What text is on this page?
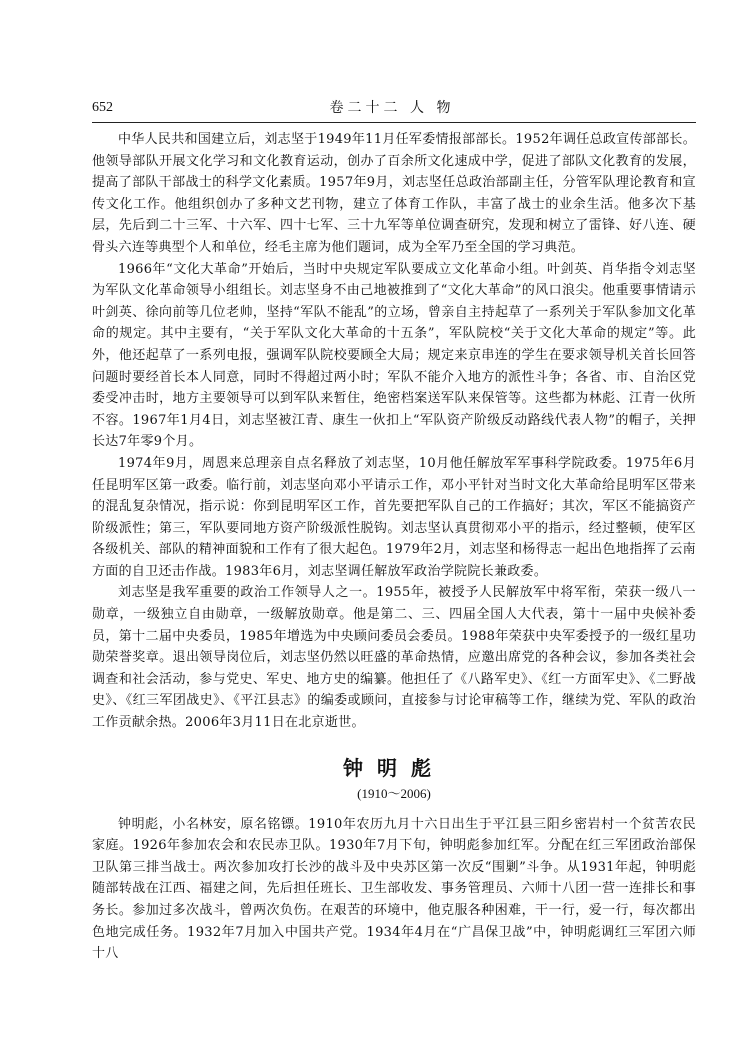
652	卷二十二 人 物

中华人民共和国建立后，刘志坚于1949年11月任军委情报部部长。1952年调任总政宣传部部长。他领导部队开展文化学习和文化教育运动，创办了百余所文化速成中学，促进了部队文化教育的发展，提高了部队干部战士的科学文化素质。1957年9月，刘志坚任总政治部副主任，分管军队理论教育和宣传文化工作。他组织创办了多种文艺刊物，建立了体育工作队，丰富了战士的业余生活。他多次下基层，先后到二十三军、十六军、四十七军、三十九军等单位调查研究，发现和树立了雷锋、好八连、硬骨头六连等典型个人和单位，经毛主席为他们题词，成为全军乃至全国的学习典范。

1966年“文化大革命”开始后，当时中央规定军队要成立文化革命小组。叶剑英、肖华指令刘志坚为军队文化革命领导小组组长。刘志坚身不由己地被推到了“文化大革命”的风口浪尖。他重要事情请示叶剑英、徐向前等几位老帅，坚持“军队不能乱”的立场，曾亲自主持起草了一系列关于军队参加文化革命的规定。其中主要有，“关于军队文化大革命的十五条”，军队院校“关于文化大革命的规定”等。此外，他还起草了一系列电报，强调军队院校要顾全大局；规定来京串连的学生在要求领导机关首长回答问题时要经首长本人同意，同时不得超过两小时；军队不能介入地方的派性斗争；各省、市、自治区党委受冲击时，地方主要领导可以到军队来暂住，绝密档案送军队来保管等。这些都为林彪、江青一伙所不容。1967年1月4日，刘志坚被江青、康生一伙扣上“军队资产阶级反动路线代表人物”的帽子，关押长达7年零9个月。

1974年9月，周恩来总理亲自点名释放了刘志坚，10月他任解放军军事科学院政委。1975年6月任昆明军区第一政委。临行前，刘志坚向邓小平请示工作，邓小平针对当时文化大革命给昆明军区带来的混乱复杂情况，指示说：你到昆明军区工作，首先要把军队自己的工作搞好；其次，军区不能搞资产阶级派性；第三，军队要同地方资产阶级派性脱钩。刘志坚认真贯彻邓小平的指示，经过整顿，使军区各级机关、部队的精神面貌和工作有了很大起色。1979年2月，刘志坚和杨得志一起出色地指挥了云南方面的自卫还击作战。1983年6月，刘志坚调任解放军政治学院院长兼政委。

刘志坚是我军重要的政治工作领导人之一。1955年，被授予人民解放军中将军衔，荣获一级八一勋章，一级独立自由勋章，一级解放勋章。他是第二、三、四届全国人大代表，第十一届中央候补委员，第十二届中央委员，1985年增选为中央顾问委员会委员。1988年荣获中央军委授予的一级红星功勋荣誉奖章。退出领导岗位后，刘志坚仍然以旺盛的革命热情，应邀出席党的各种会议，参加各类社会调查和社会活动，参与党史、军史、地方史的编纂。他担任了《八路军史》、《红一方面军史》、《二野战史》、《红三军团战史》、《平江县志》的编委或顾问，直接参与讨论审稿等工作，继续为党、军队的政治工作贡献余热。2006年3月11日在北京逝世。

钟明彪
(1910～2006)

钟明彪，小名林安，原名铭镖。1910年农历九月十六日出生于平江县三阳乡密岩村一个贫苦农民家庭。1926年参加农会和农民赤卫队。1930年7月下旬，钟明彪参加红军。分配在红三军团政治部保卫队第三排当战士。两次参加攻打长沙的战斗及中央苏区第一次反“围剿”斗争。从1931年起，钟明彪随部转战在江西、福建之间，先后担任班长、卫生部收发、事务管理员、六师十八团一营一连排长和事务长。参加过多次战斗，曾两次负伤。在艰苦的环境中，他克服各种困难，干一行，爱一行，每次都出色地完成任务。1932年7月加入中国共产党。1934年4月在“广昌保卫战”中，钟明彪调红三军团六师十八
